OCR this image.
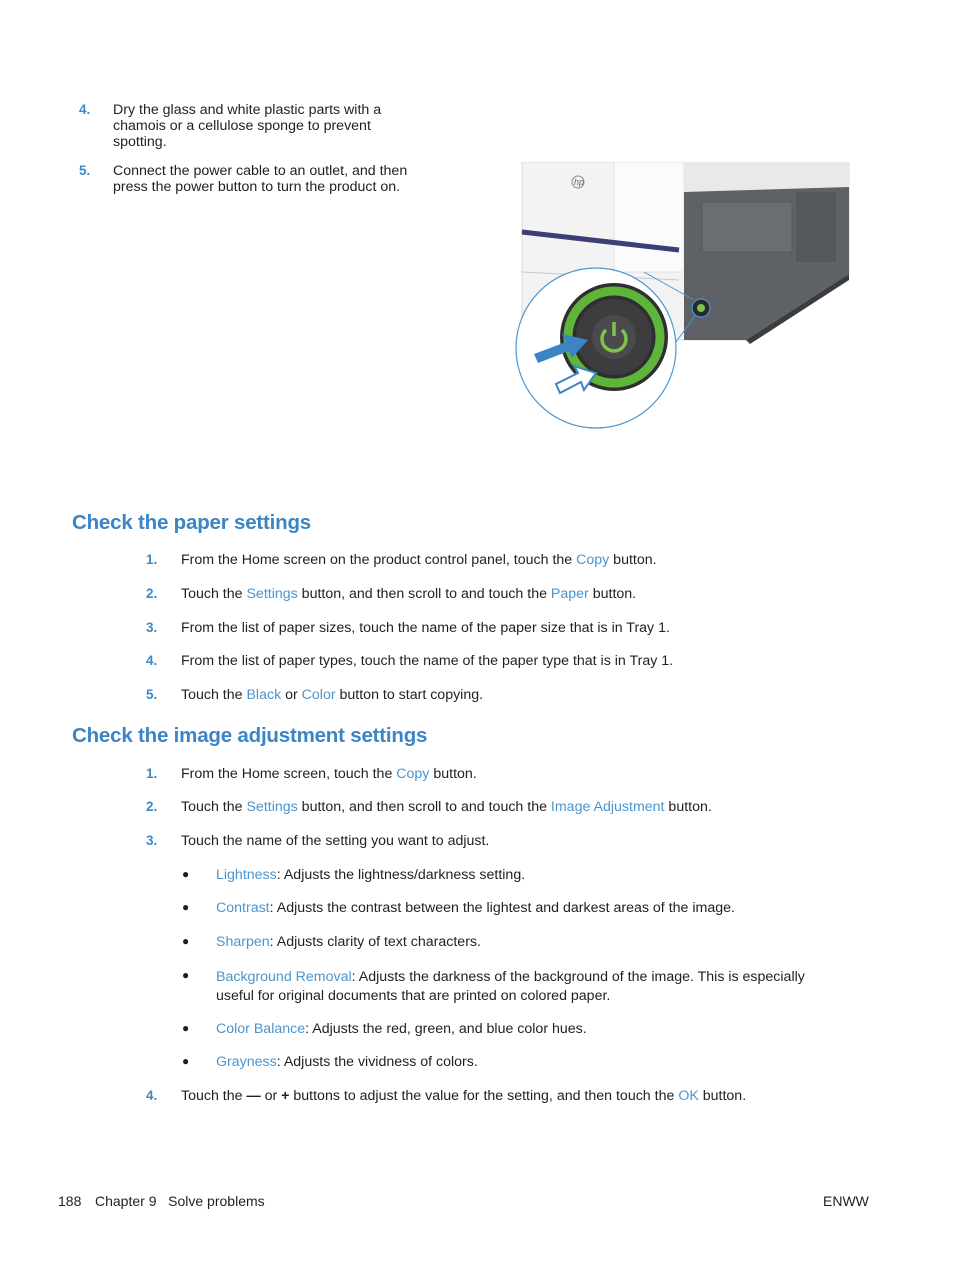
4. Dry the glass and white plastic parts with a chamois or a cellulose sponge to prevent spotting.
5. Connect the power cable to an outlet, and then press the power button to turn the product on.	hp
Check the paper settings
1. From the Home screen on the product control panel, touch the Copy button.
2. Touch the Settings button, and then scroll to and touch the Paper button.
3. From the list of paper sizes, touch the name of the paper size that is in Tray 1.
4. From the list of paper types, touch the name of the paper type that is in Tray 1.
5. Touch the Black or Color button to start copying.
Check the image adjustment settings
1. From the Home screen, touch the Copy button.
2. Touch the Settings button, and then scroll to and touch the Image Adjustment button.
3. Touch the name of the setting you want to adjust.
● Lightness: Adjusts the lightness/darkness setting.
● Contrast: Adjusts the contrast between the lightest and darkest areas of the image.
● Sharpen: Adjusts clarity of text characters.
● Background Removal: Adjusts the darkness of the background of the image. This is especially
useful for original documents that are printed on colored paper.
● Color Balance: Adjusts the red, green, and blue color hues.
● Grayness: Adjusts the vividness of colors.
4. Touch the — or + buttons to adjust the value for the setting, and then touch the OK button.
188 Chapter 9   Solve problems	ENWW
